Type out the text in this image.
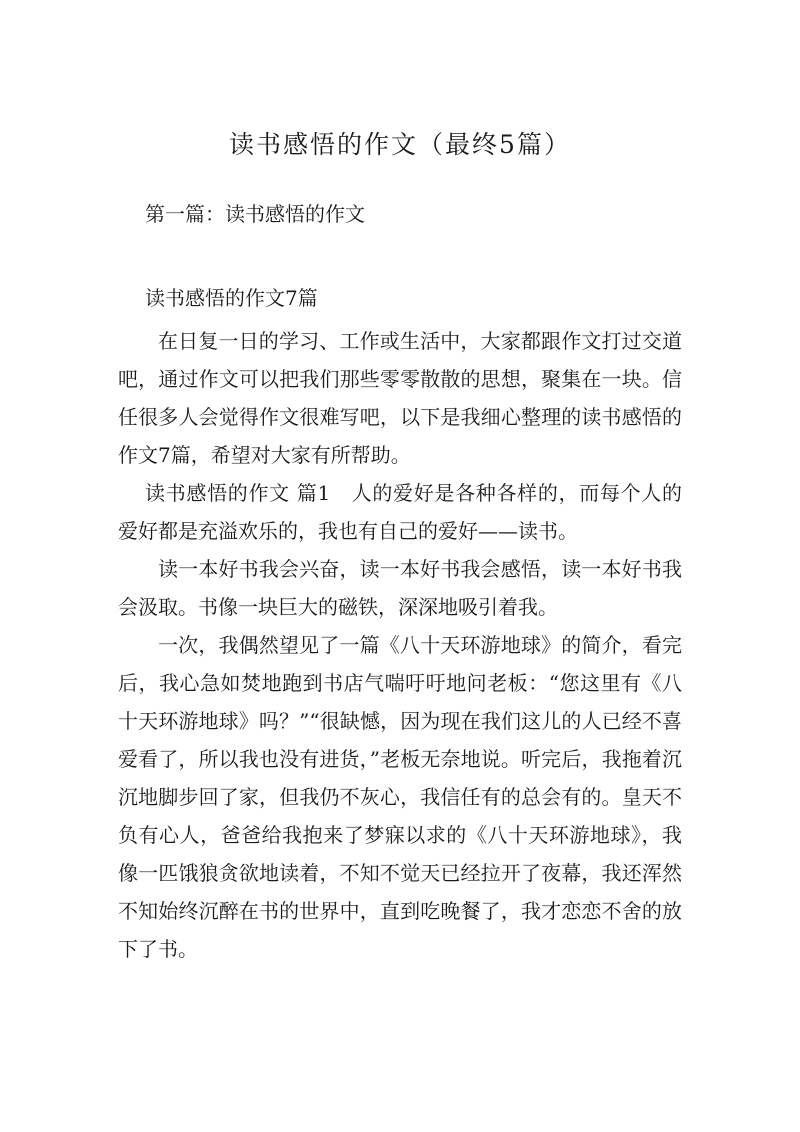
读书感悟的作文（最终5篇）
第一篇：读书感悟的作文
读书感悟的作文7篇

在日复一日的学习、工作或生活中，大家都跟作文打过交道吧，通过作文可以把我们那些零零散散的思想，聚集在一块。信任很多人会觉得作文很难写吧，以下是我细心整理的读书感悟的作文7篇，希望对大家有所帮助。

读书感悟的作文 篇1　人的爱好是各种各样的，而每个人的爱好都是充溢欢乐的，我也有自己的爱好——读书。

读一本好书我会兴奋，读一本好书我会感悟，读一本好书我会汲取。书像一块巨大的磁铁，深深地吸引着我。

一次，我偶然望见了一篇《八十天环游地球》的简介，看完后，我心急如焚地跑到书店气喘吁吁地问老板：“您这里有《八十天环游地球》吗？”“很缺憾，因为现在我们这儿的人已经不喜爱看了，所以我也没有进货，”老板无奈地说。听完后，我拖着沉沉地脚步回了家，但我仍不灰心，我信任有的总会有的。皇天不负有心人，爸爸给我抱来了梦寐以求的《八十天环游地球》，我像一匹饿狼贪欲地读着，不知不觉天已经拉开了夜幕，我还浑然不知始终沉醉在书的世界中，直到吃晚餐了，我才恋恋不舍的放下了书。
